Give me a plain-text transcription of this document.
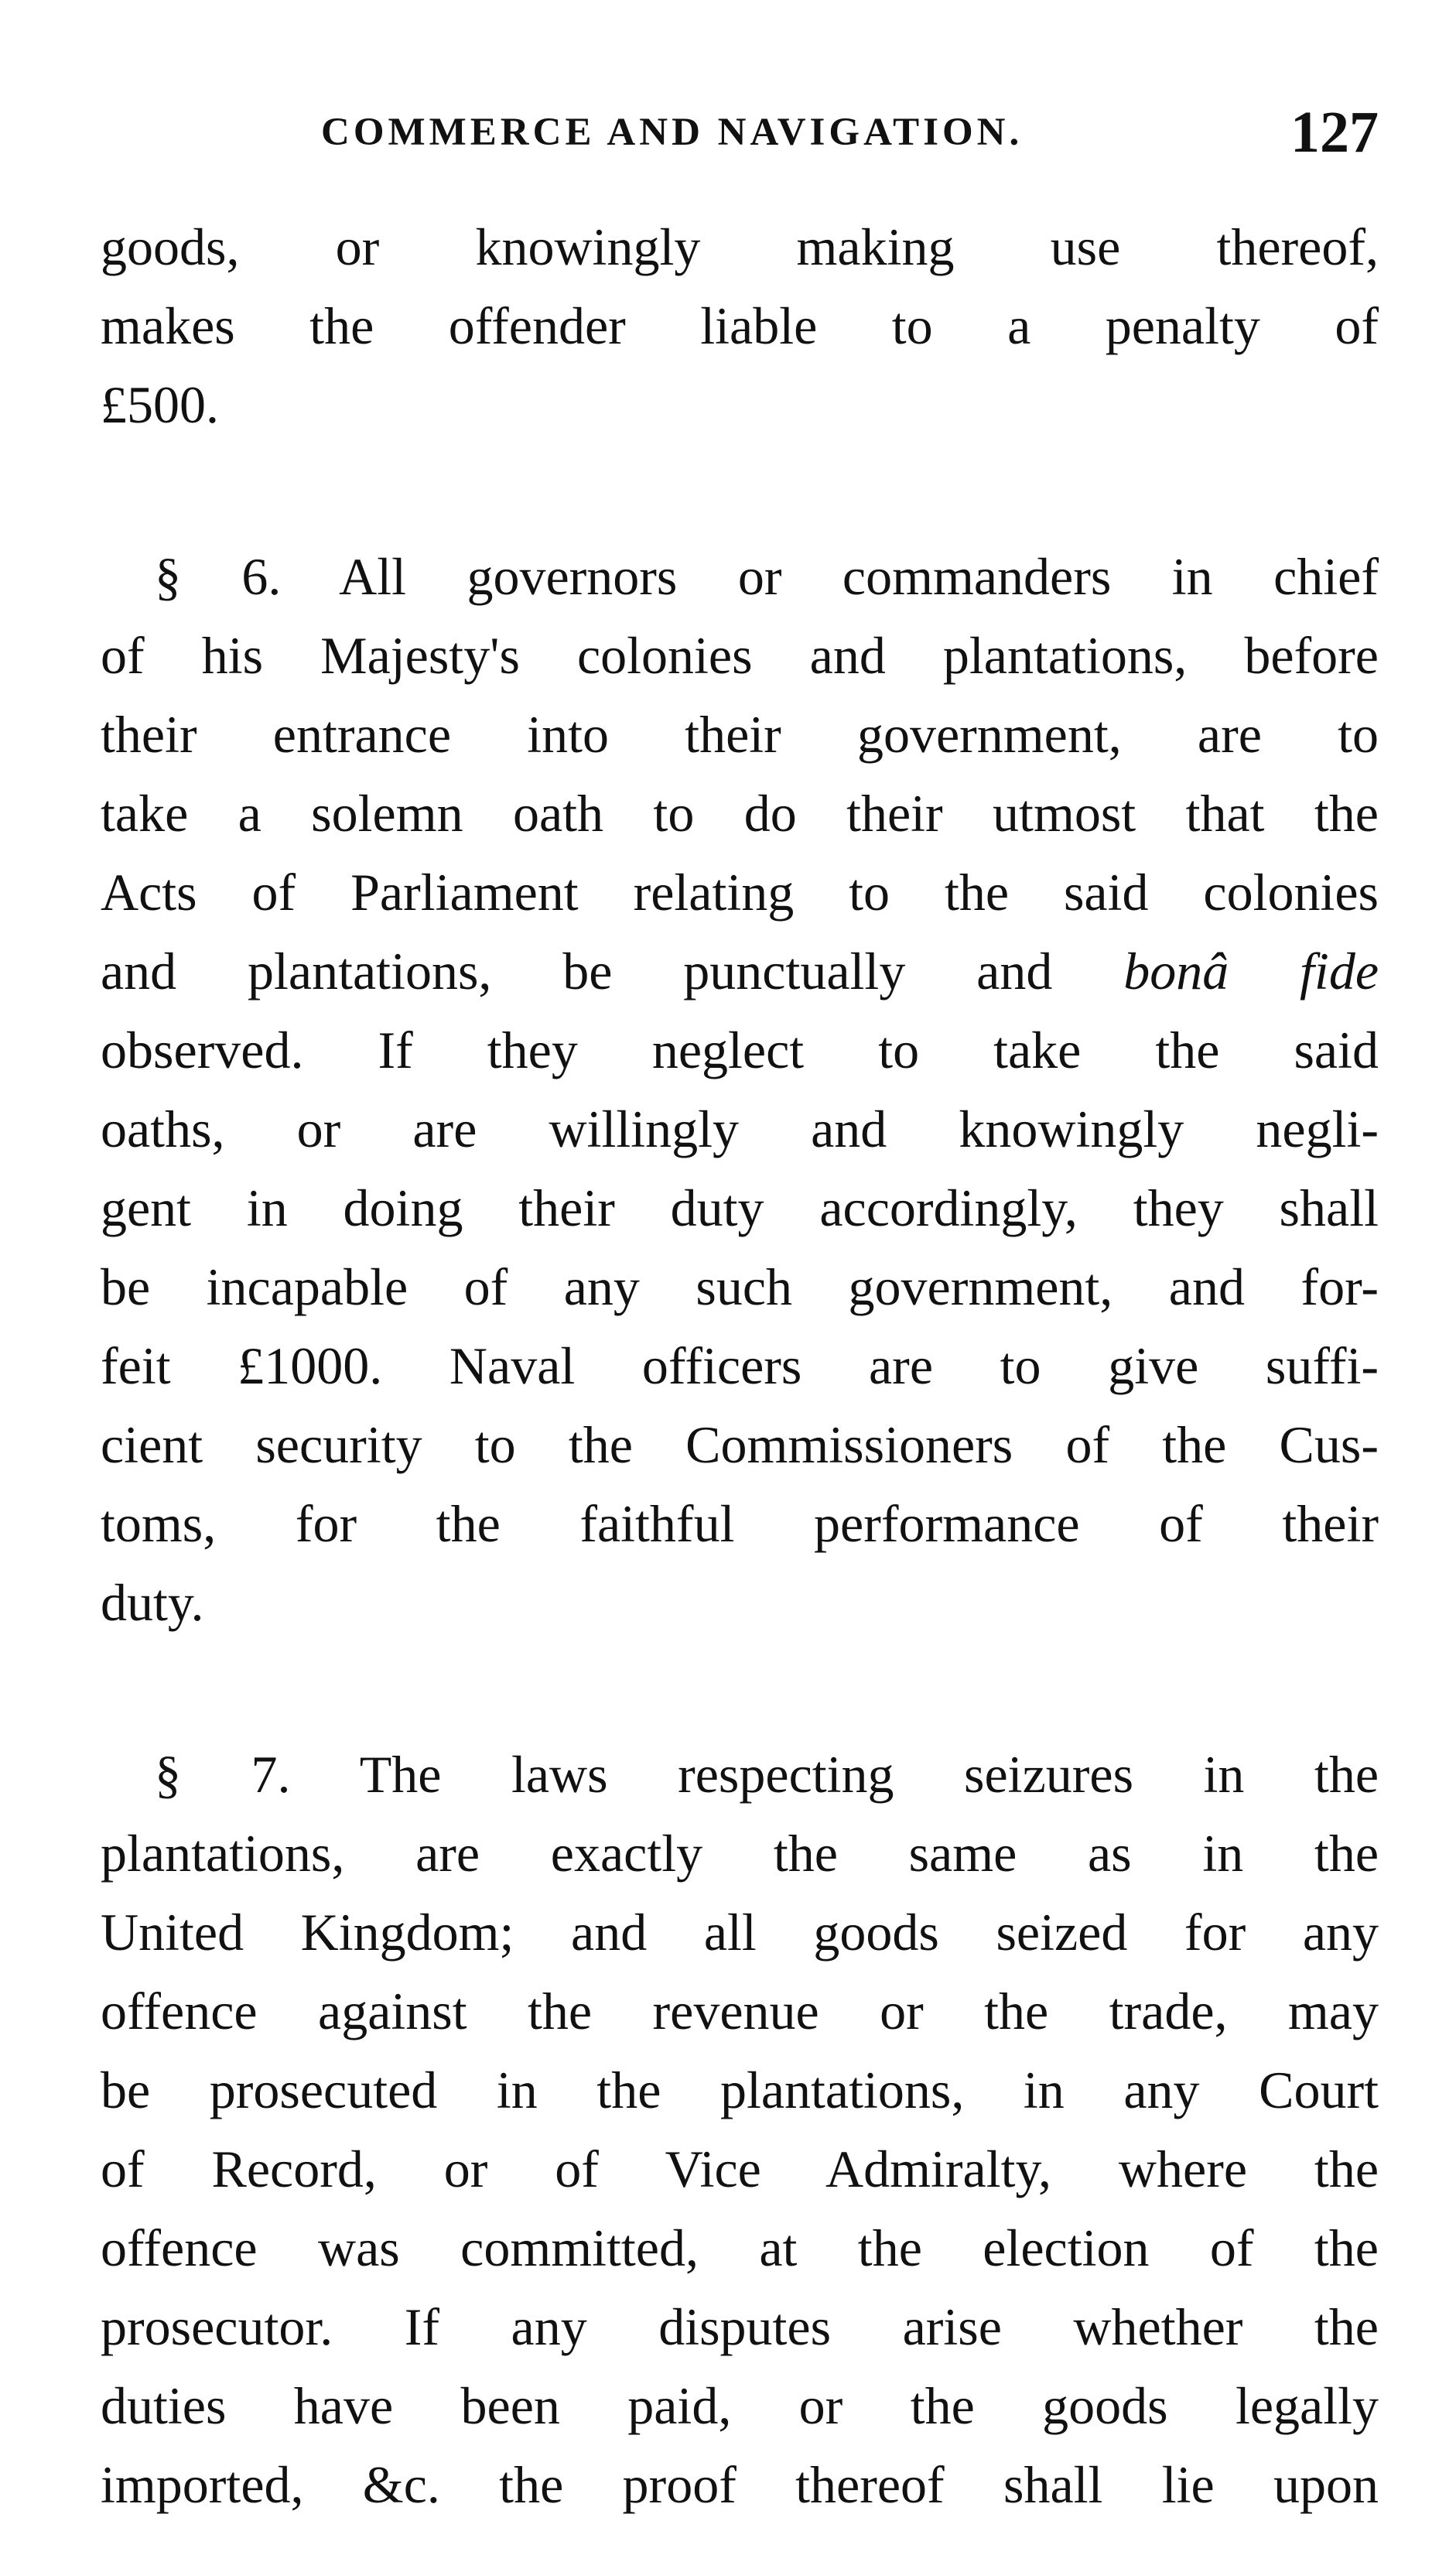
COMMERCE AND NAVIGATION.	127

goods, or knowingly making use thereof,
makes the offender liable to a penalty of
£500.

§ 6. All governors or commanders in chief
of his Majesty's colonies and plantations, before
their entrance into their government, are to
take a solemn oath to do their utmost that the
Acts of Parliament relating to the said colonies
and plantations, be punctually and bonâ fide
observed. If they neglect to take the said
oaths, or are willingly and knowingly negli-
gent in doing their duty accordingly, they shall
be incapable of any such government, and for-
feit £1000. Naval officers are to give suffi-
cient security to the Commissioners of the Cus-
toms, for the faithful performance of their
duty.

§ 7. The laws respecting seizures in the
plantations, are exactly the same as in the
United Kingdom; and all goods seized for any
offence against the revenue or the trade, may
be prosecuted in the plantations, in any Court
of Record, or of Vice Admiralty, where the
offence was committed, at the election of the
prosecutor. If any disputes arise whether the
duties have been paid, or the goods legally
imported, &c. the proof thereof shall lie upon
